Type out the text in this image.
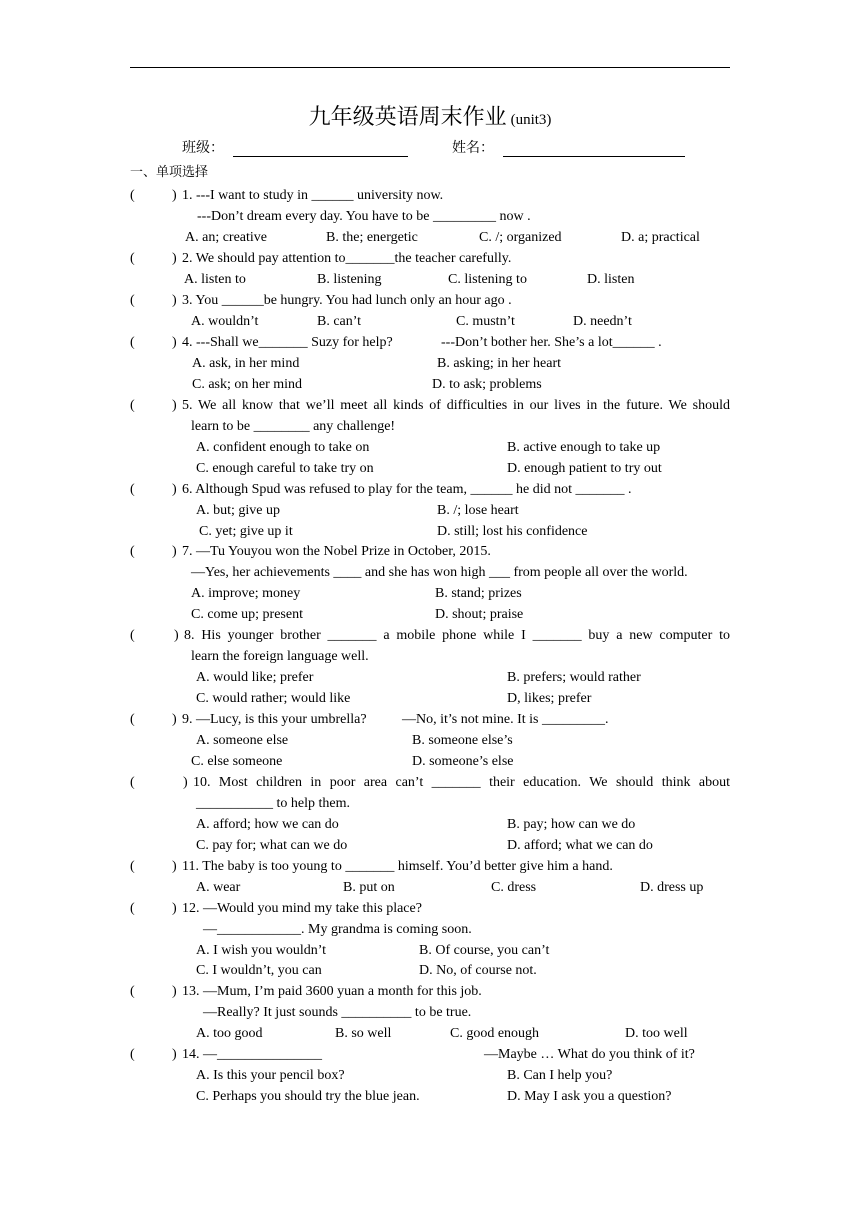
九年级英语周末作业 (unit3)
班级：	姓名：
一、单项选择
(	) 1. ---I want to study in ______ university now.
---Don’t dream every day. You have to be _________ now .
A. an; creative	B. the; energetic	C. /; organized	D. a; practical
(	) 2. We should pay attention to_______the teacher carefully.
A. listen to	B. listening	C. listening to	D. listen
(	) 3. You ______be hungry. You had lunch only an hour ago .
A. wouldn’t	B. can’t	C. mustn’t	D. needn’t
(	) 4. ---Shall we_______ Suzy for help?	---Don’t bother her. She’s a lot______ .
A. ask, in her mind	B. asking; in her heart
C. ask; on her mind	D. to ask; problems
(	) 5. We all know that we’ll meet all kinds of difficulties in our lives in the future. We should
learn to be ________ any challenge!
A. confident enough to take on	B. active enough to take up
C. enough careful to take try on	D. enough patient to try out
(	) 6. Although Spud was refused to play for the team, ______ he did not _______ .
A. but; give up	B. /; lose heart
C. yet; give up it	D. still; lost his confidence
(	) 7. —Tu Youyou won the Nobel Prize in October, 2015.
—Yes, her achievements ____ and she has won high ___ from people all over the world.
A. improve; money	B. stand; prizes
C. come up; present	D. shout; praise
(	) 8. His younger brother _______ a mobile phone while I _______ buy a new computer to
learn the foreign language well.
A. would like; prefer	B. prefers; would rather
C. would rather; would like	D, likes; prefer
(	) 9. —Lucy, is this your umbrella?	—No, it’s not mine. It is _________.
A. someone else	B. someone else’s
C. else someone	D. someone’s else
(	) 10. Most children in poor area can’t _______ their education. We should think about
___________ to help them.
A. afford; how we can do	B. pay; how can we do
C. pay for; what can we do	D. afford; what we can do
(	) 11. The baby is too young to _______ himself. You’d better give him a hand.
A. wear	B. put on	C. dress	D. dress up
(	) 12. —Would you mind my take this place?
—____________. My grandma is coming soon.
A. I wish you wouldn’t	B. Of course, you can’t
C. I wouldn’t, you can	D. No, of course not.
(	) 13. —Mum, I’m paid 3600 yuan a month for this job.
—Really? It just sounds __________ to be true.
A. too good	B. so well	C. good enough	D. too well
(	) 14. —_______________	—Maybe … What do you think of it?
A. Is this your pencil box?	B. Can I help you?
C. Perhaps you should try the blue jean.	D. May I ask you a question?
